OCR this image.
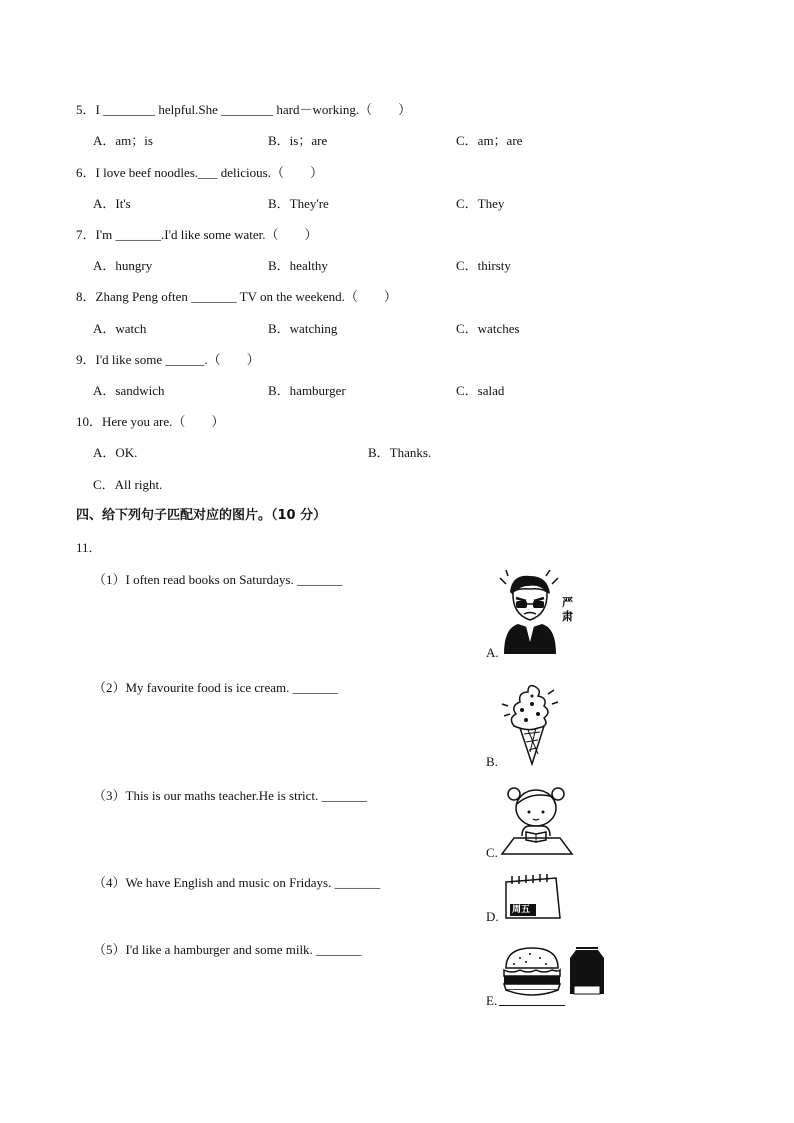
5．I ________ helpful.She ________ hard－working.（　　）
A．am；is	B．is；are	C．am；are
6．I love beef noodles.___ delicious.（　　）
A．It's	B．They're	C．They
7．I'm _______.I'd like some water.（　　）
A．hungry	B．healthy	C．thirsty
8．Zhang Peng often _______ TV on the weekend.（　　）
A．watch	B．watching	C．watches
9．I'd like some ______.（　　）
A．sandwich	B．hamburger	C．salad
10．Here you are.（　　）
A．OK.	B．Thanks.
C．All right.
四、给下列句子匹配对应的图片。（10 分）
11．
（1）I often read books on Saturdays. _______
（2）My favourite food is ice cream. _______
（3）This is our maths teacher.He is strict. _______
（4）We have English and music on Fridays. _______
（5）I'd like a hamburger and some milk. _______
严肃
A.
B.
C.
周五
D.
E.
